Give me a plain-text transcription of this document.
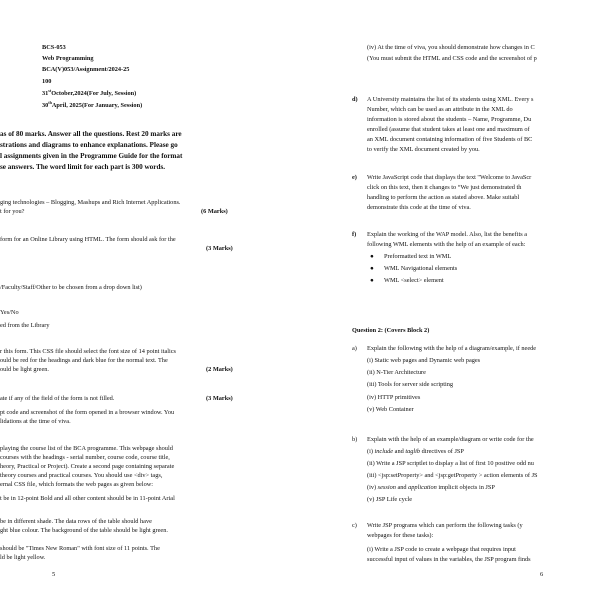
BCS-053
Web Programming
BCA(V)053/Assignment/2024-25
100
31stOctober,2024(For July, Session)
30thApril, 2025(For January, Session)
as of 80 marks. Answer all the questions. Rest 20 marks are
strations and diagrams to enhance explanations. Please go
l assignments given in the Programme Guide for the format
se answers. The word limit for each part is 300 words.
ging technologies – Blogging, Mashups and Rich Internet Applications.
t for you?	(6 Marks)
form for an Online Library using HTML. The form should ask for the
(3 Marks)
/Faculty/Staff/Other to be chosen from a drop down list)
Yes/No
ed from the Library
r this form. This CSS file should select the font size of 14 point italics
ould be red for the headings and dark blue for the normal text. The
ould be light green.	(2 Marks)
ate if any of the field of the form is not filled.	(3 Marks)
pt code and screenshot of the form opened in a browser window. You
lidations at the time of viva.
playing the course list of the BCA programme. This webpage should
courses with the headings - serial number, course code, course title,
heory, Practical or Project). Create a second page containing separate
theory courses and practical courses. You should use <div> tags,
ernal CSS file, which formats the web pages as given below:
t be in 12-point Bold and all other content should be in 11-point Arial
be in different shade. The data rows of the table should have
ght blue colour. The background of the table should be light green.
should be "Times New Roman" with font size of 11 points. The
ld be light yellow.
5
(iv) At the time of viva, you should demonstrate how changes in C
(You must submit the HTML and CSS code and the screenshot of p
d) A University maintains the list of its students using XML. Every s
Number, which can be used as an attribute in the XML do
information is stored about the students – Name, Programme, Du
enrolled (assume that student takes at least one and maximum of
an XML document containing information of five Students of BC
to verify the XML document created by you.
e) Write JavaScript code that displays the text "Welcome to JavaScr
click on this text, then it changes to “We just demonstrated th
handling to perform the action as stated above. Make suitabl
demonstrate this code at the time of viva.
f) Explain the working of the WAP model. Also, list the benefits a
following WML elements with the help of an example of each:
● Preformatted text in WML
● WML Navigational elements
● WML <select> element
Question 2: (Covers Block 2)
a) Explain the following with the help of a diagram/example, if neede
(i) Static web pages and Dynamic web pages
(ii) N-Tier Architecture
(iii) Tools for server side scripting
(iv) HTTP primitives
(v) Web Container
b) Explain with the help of an example/diagram or write code for the
(i) include and taglib directives of JSP
(ii) Write a JSP scriptlet to display a list of first 10 positive odd nu
(iii) <jsp:setProperty> and <jsp:getProperty > action elements of JS
(iv) session and application implicit objects in JSP
(v) JSP Life cycle
c) Write JSP programs which can perform the following tasks (y
webpages for these tasks):
(i) Write a JSP code to create a webpage that requires input
successful input of values in the variables, the JSP program finds
6
